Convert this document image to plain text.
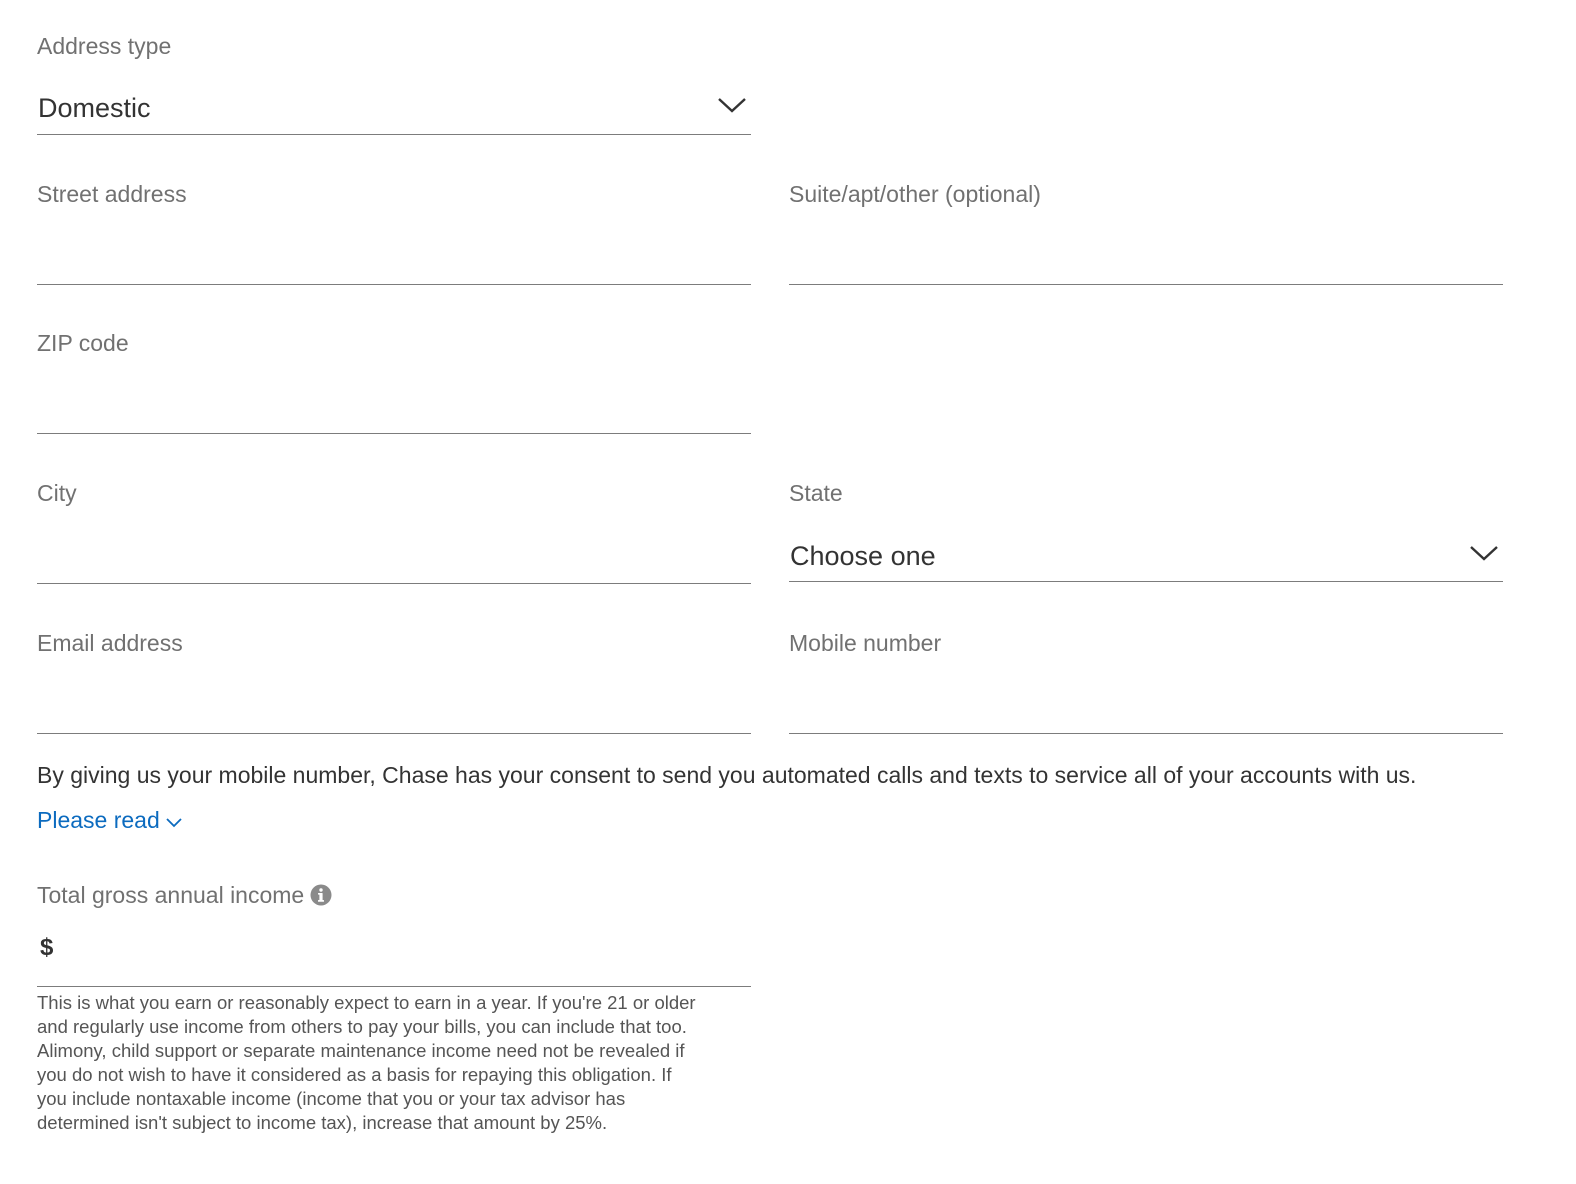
Address type
Domestic
Street address	Suite/apt/other (optional)
ZIP code
City	State
Choose one
Email address	Mobile number
By giving us your mobile number, Chase has your consent to send you automated calls and texts to service all of your accounts with us.
Please read
Total gross annual income
$
This is what you earn or reasonably expect to earn in a year. If you're 21 or older
and regularly use income from others to pay your bills, you can include that too.
Alimony, child support or separate maintenance income need not be revealed if
you do not wish to have it considered as a basis for repaying this obligation. If
you include nontaxable income (income that you or your tax advisor has
determined isn't subject to income tax), increase that amount by 25%.
